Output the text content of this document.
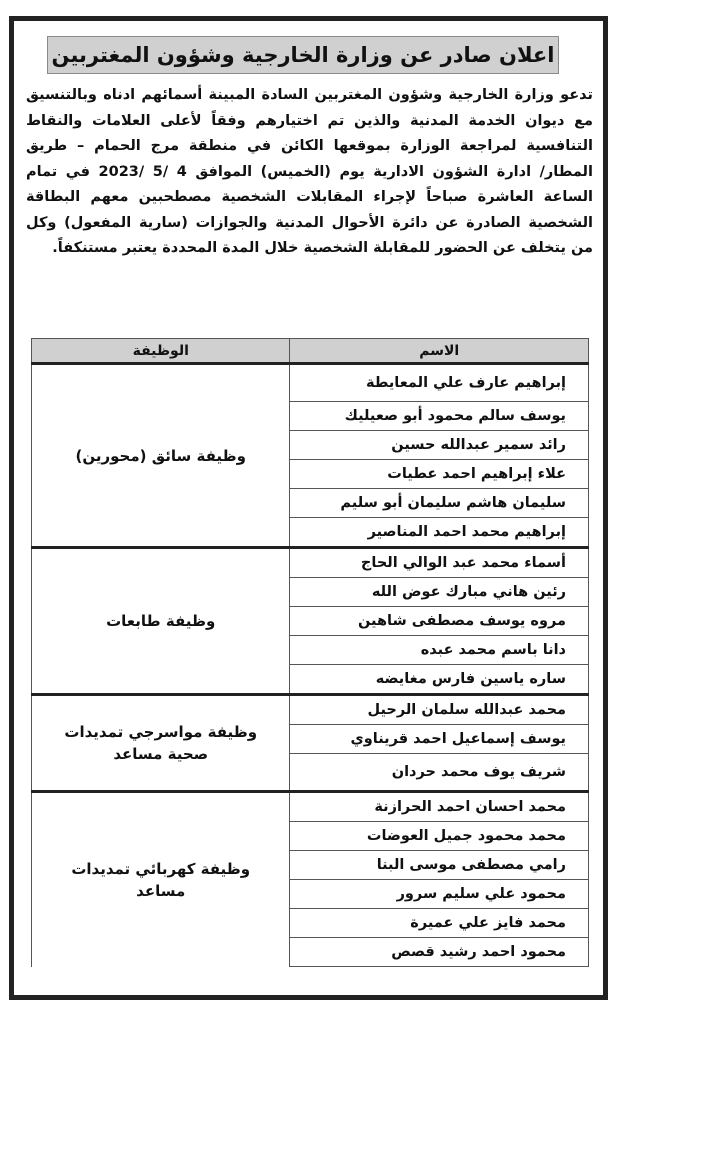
اعلان صادر عن وزارة الخارجية وشؤون المغتربين

تدعو وزارة الخارجية وشؤون المغتربين السادة المبينة أسمائهم ادناه وبالتنسيق مع ديوان الخدمة المدنية والذين تم اختيارهم وفقاً لأعلى العلامات والنقاط التنافسية لمراجعة الوزارة بموقعها الكائن في منطقة مرج الحمام – طريق المطار/ ادارة الشؤون الادارية يوم (الخميس) الموافق 4 /5 /2023 في تمام الساعة العاشرة صباحاً لإجراء المقابلات الشخصية مصطحبين معهم البطاقة الشخصية الصادرة عن دائرة الأحوال المدنية والجوازات (سارية المفعول) وكل من يتخلف عن الحضور للمقابلة الشخصية خلال المدة المحددة يعتبر مستنكفاً.

الاسم	الوظيفة
إبراهيم عارف علي المعايطة	وظيفة سائق (محورين)
يوسف سالم محمود أبو صعيليك	
رائد سمير عبدالله حسين	
علاء إبراهيم احمد عطيات	
سليمان هاشم سليمان أبو سليم	
إبراهيم محمد احمد المناصير	
أسماء محمد عبد الوالي الحاج	وظيفة طابعات
رئين هاني مبارك عوض الله	
مروه يوسف مصطفى شاهين	
دانا باسم محمد عبده	
ساره ياسين فارس مغايضه	
محمد عبدالله سلمان الرحيل	وظيفة مواسرجي تمديدات صحية مساعد
يوسف إسماعيل احمد قريناوي	
شريف يوف محمد حردان	
محمد احسان احمد الحرازنة	وظيفة كهربائي تمديدات مساعد
محمد محمود جميل العوضات	
رامي مصطفى موسى البنا	
محمود علي سليم سرور	
محمد فايز علي عميرة	
محمود احمد رشيد قصص	
